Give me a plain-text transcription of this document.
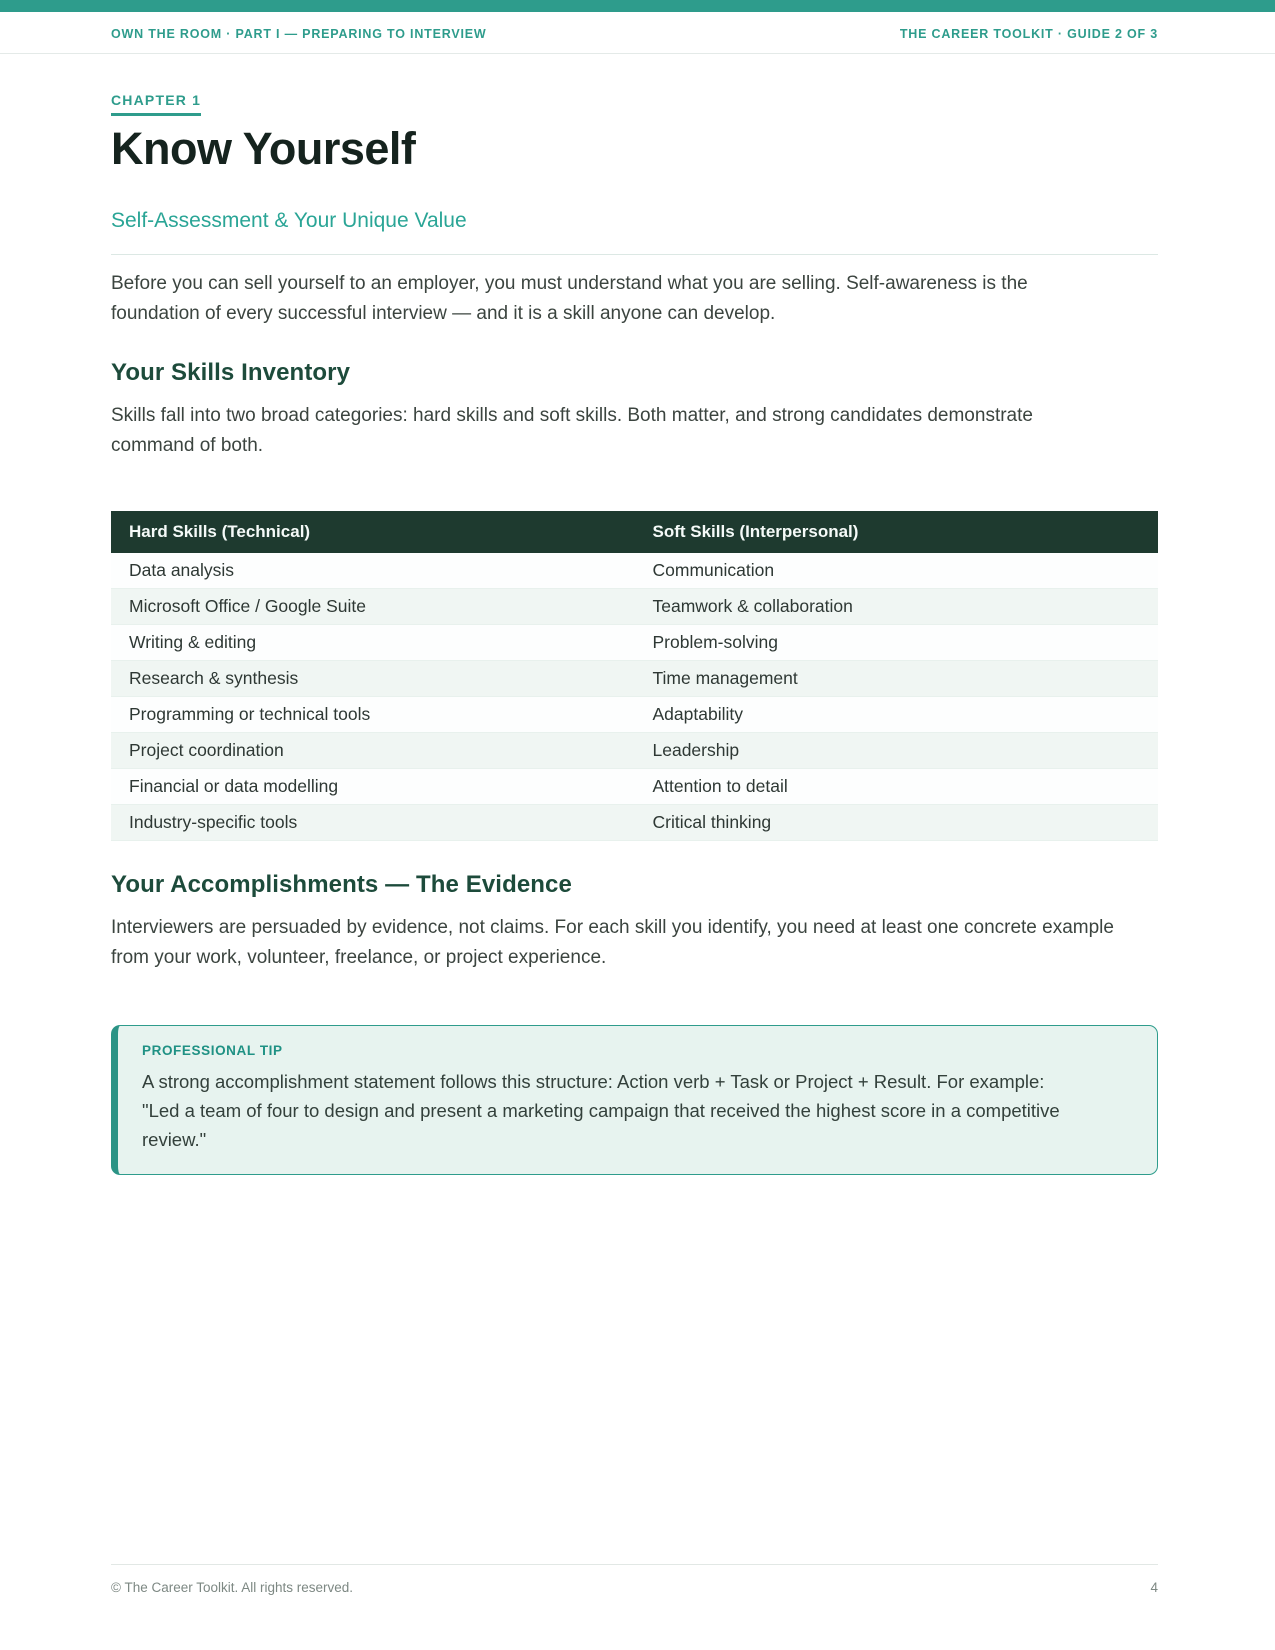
OWN THE ROOM · PART I — PREPARING TO INTERVIEW	THE CAREER TOOLKIT · GUIDE 2 OF 3
CHAPTER 1
Know Yourself
Self-Assessment & Your Unique Value

Before you can sell yourself to an employer, you must understand what you are selling. Self-awareness is the foundation of every successful interview — and it is a skill anyone can develop.

Your Skills Inventory

Skills fall into two broad categories: hard skills and soft skills. Both matter, and strong candidates demonstrate command of both.

Hard Skills (Technical)	Soft Skills (Interpersonal)
Data analysis	Communication
Microsoft Office / Google Suite	Teamwork & collaboration
Writing & editing	Problem-solving
Research & synthesis	Time management
Programming or technical tools	Adaptability
Project coordination	Leadership
Financial or data modelling	Attention to detail
Industry-specific tools	Critical thinking
Your Accomplishments — The Evidence

Interviewers are persuaded by evidence, not claims. For each skill you identify, you need at least one concrete example from your work, volunteer, freelance, or project experience.

PROFESSIONAL TIP
A strong accomplishment statement follows this structure: Action verb + Task or Project + Result. For example: "Led a team of four to design and present a marketing campaign that received the highest score in a competitive review."
© The Career Toolkit. All rights reserved.	4
